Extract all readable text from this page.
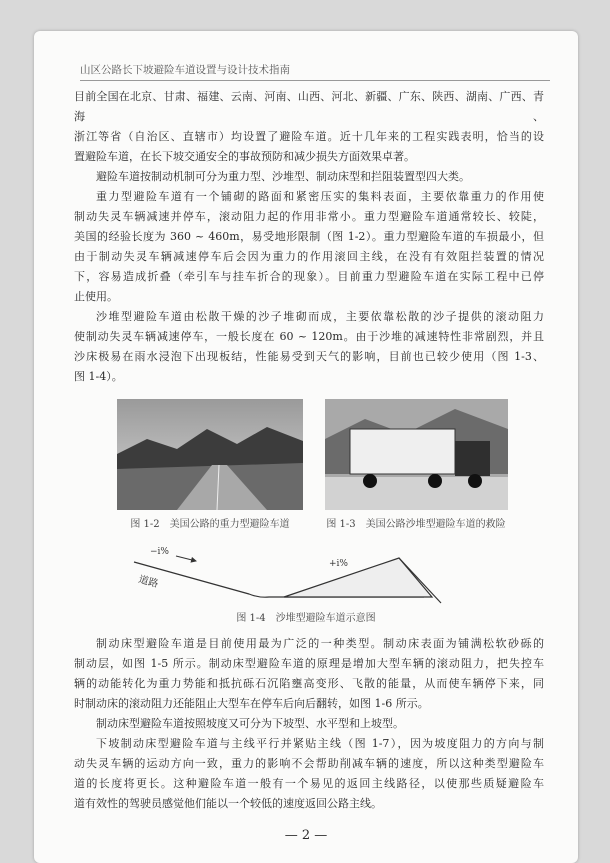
山区公路长下坡避险车道设置与设计技术指南
目前全国在北京、甘肃、福建、云南、河南、山西、河北、新疆、广东、陕西、湖南、广西、青海、
浙江等省（自治区、直辖市）均设置了避险车道。近十几年来的工程实践表明，恰当的设
置避险车道，在长下坡交通安全的事故预防和减少损失方面效果卓著。
避险车道按制动机制可分为重力型、沙堆型、制动床型和拦阻装置型四大类。
重力型避险车道有一个铺砌的路面和紧密压实的集料表面，主要依靠重力的作用使
制动失灵车辆减速并停车，滚动阻力起的作用非常小。重力型避险车道通常较长、较陡，
美国的经验长度为 360 ~ 460m，易受地形限制（图 1-2）。重力型避险车道的车损最小，但
由于制动失灵车辆减速停车后会因为重力的作用滚回主线，在没有有效阻拦装置的情况
下，容易造成折叠（牵引车与挂车折合的现象）。目前重力型避险车道在实际工程中已停
止使用。
沙堆型避险车道由松散干燥的沙子堆砌而成，主要依靠松散的沙子提供的滚动阻力
使制动失灵车辆减速停车，一般长度在 60 ~ 120m。由于沙堆的减速特性非常剧烈，并且
沙床极易在雨水浸泡下出现板结，性能易受到天气的影响，目前也已较少使用（图 1-3、
图 1-4）。
图 1-2　美国公路的重力型避险车道	图 1-3　美国公路沙堆型避险车道的救险
−i%
道路
+i%
图 1-4　沙堆型避险车道示意图
制动床型避险车道是目前使用最为广泛的一种类型。制动床表面为铺满松软砂砾的
制动层，如图 1-5 所示。制动床型避险车道的原理是增加大型车辆的滚动阻力，把失控车
辆的动能转化为重力势能和抵抗砾石沉陷壅高变形、飞散的能量，从而使车辆停下来，同
时制动床的滚动阻力还能阻止大型车在停车后向后翻转，如图 1-6 所示。
制动床型避险车道按照坡度又可分为下坡型、水平型和上坡型。
下坡制动床型避险车道与主线平行并紧贴主线（图 1-7），因为坡度阻力的方向与制
动失灵车辆的运动方向一致，重力的影响不会帮助削减车辆的速度，所以这种类型避险车
道的长度将更长。这种避险车道一般有一个易见的返回主线路径，以使那些质疑避险车
道有效性的驾驶员感觉他们能以一个较低的速度返回公路主线。
— 2 —
